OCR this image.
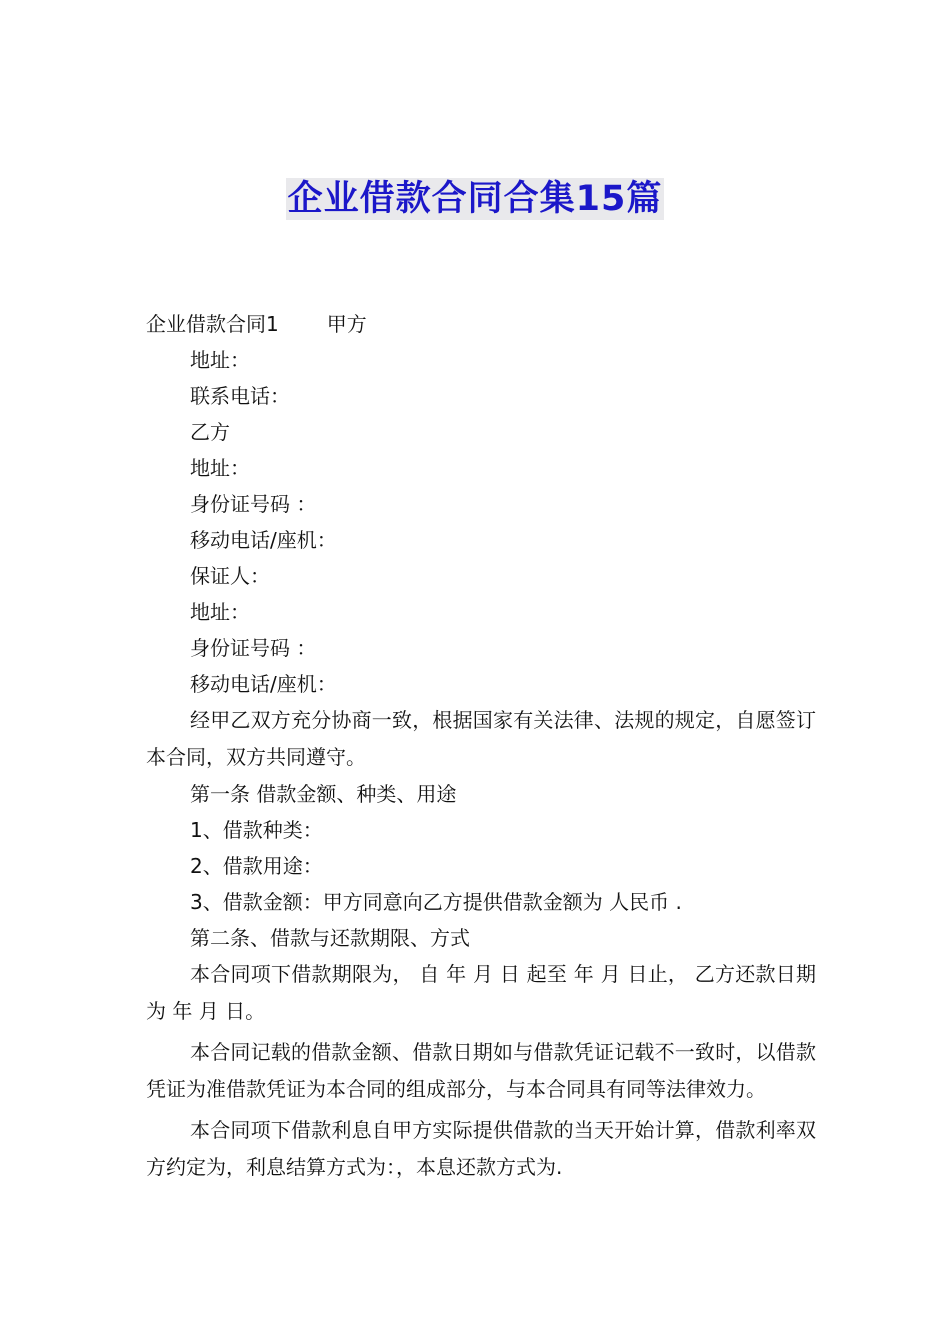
企业借款合同合集15篇
企业借款合同1 甲方
地址：
联系电话：
乙方
地址：
身份证号码 ：
移动电话/座机：
保证人：
地址：
身份证号码 ：
移动电话/座机：

经甲乙双方充分协商一致，根据国家有关法律、法规的规定，自愿签订本合同，双方共同遵守。

第一条 借款金额、种类、用途
1、借款种类：
2、借款用途：
3、借款金额：甲方同意向乙方提供借款金额为 人民币 .
第二条、借款与还款期限、方式

本合同项下借款期限为， 自 年 月 日 起至 年 月 日止， 乙方还款日期为 年 月 日。

本合同记载的借款金额、借款日期如与借款凭证记载不一致时，以借款凭证为准借款凭证为本合同的组成部分，与本合同具有同等法律效力。

本合同项下借款利息自甲方实际提供借款的当天开始计算，借款利率双方约定为，利息结算方式为：，本息还款方式为.
